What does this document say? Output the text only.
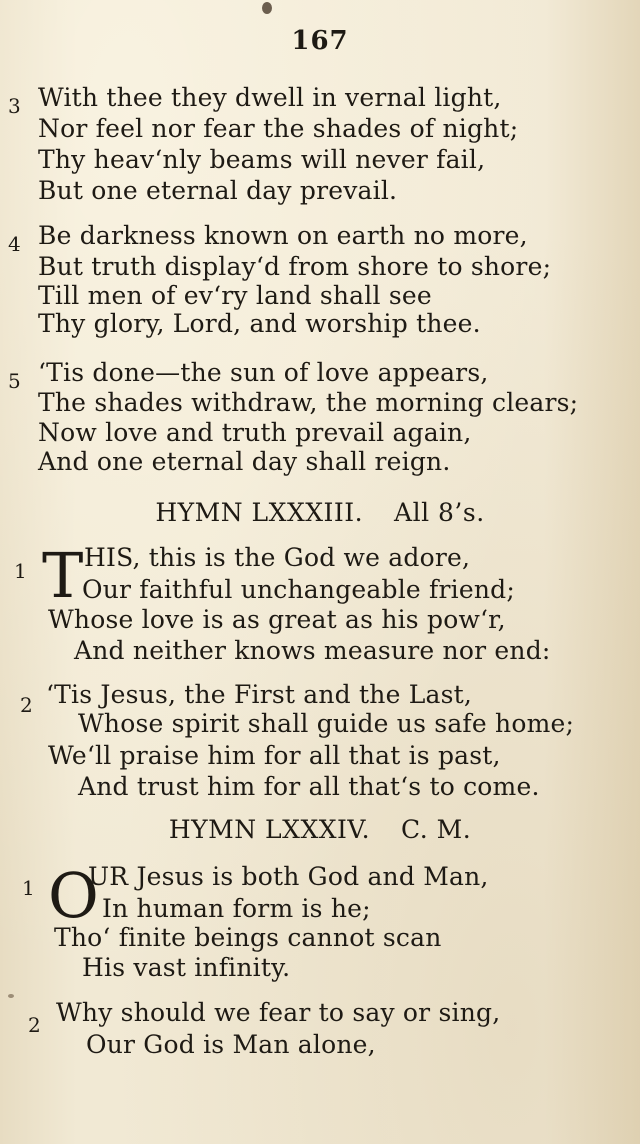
167
3 With thee they dwell in vernal light,
Nor feel nor fear the shades of night;
Thy heav‘nly beams will never fail,
But one eternal day prevail.
4 Be darkness known on earth no more,
But truth display‘d from shore to shore;
Till men of ev‘ry land shall see
Thy glory, Lord, and worship thee.
5 ‘Tis done—the sun of love appears,
The shades withdraw, the morning clears;
Now love and truth prevail again,
And one eternal day shall reign.
HYMN LXXXIII. All 8’s.
1 T HIS, this is the God we adore,
Our faithful unchangeable friend;
Whose love is as great as his pow‘r,
And neither knows measure nor end:
2 ‘Tis Jesus, the First and the Last,
Whose spirit shall guide us safe home;
We‘ll praise him for all that is past,
And trust him for all that‘s to come.
HYMN LXXXIV. C. M.
1 O
UR Jesus is both God and Man,
In human form is he;
Tho‘ finite beings cannot scan
His vast infinity.
2 Why should we fear to say or sing,
Our God is Man alone,
